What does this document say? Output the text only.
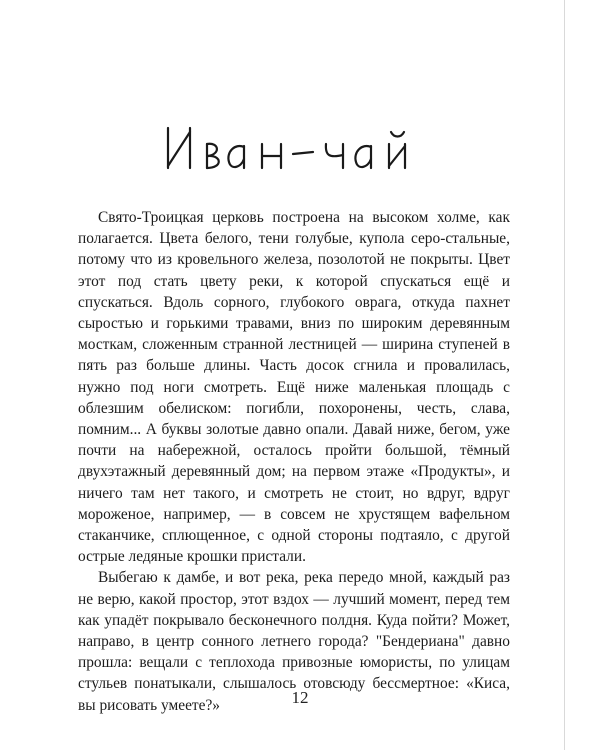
Свято-Троицкая церковь построена на высоком холме, как полагается. Цвета белого, тени голубые, купола серо-стальные, потому что из кровельного железа, позолотой не покрыты. Цвет этот под стать цвету реки, к которой спускаться ещё и спускаться. Вдоль сорного, глубокого оврага, откуда пахнет сыростью и горькими травами, вниз по широким деревянным мосткам, сложенным странной лестницей — ширина ступеней в пять раз больше длины. Часть досок сгнила и провалилась, нужно под ноги смотреть. Ещё ниже маленькая площадь с облезшим обелиском: погибли, похоронены, честь, слава, помним... А буквы золотые давно опали. Давай ниже, бегом, уже почти на набережной, осталось пройти большой, тёмный двухэтажный деревянный дом; на первом этаже «Продукты», и ничего там нет такого, и смотреть не стоит, но вдруг, вдруг мороженое, например, — в совсем не хрустящем вафельном стаканчике, сплющенное, с одной стороны подтаяло, с другой острые ледяные крошки пристали.

Выбегаю к дамбе, и вот река, река передо мной, каждый раз не верю, какой простор, этот вздох — лучший момент, перед тем как упадёт покрывало бесконечного полдня. Куда пойти? Может, направо, в центр сонного летнего города? "Бендериана" давно прошла: вещали с теплохода привозные юмористы, по улицам стульев понатыкали, слышалось отовсюду бессмертное: «Киса, вы рисовать умеете?»	12
